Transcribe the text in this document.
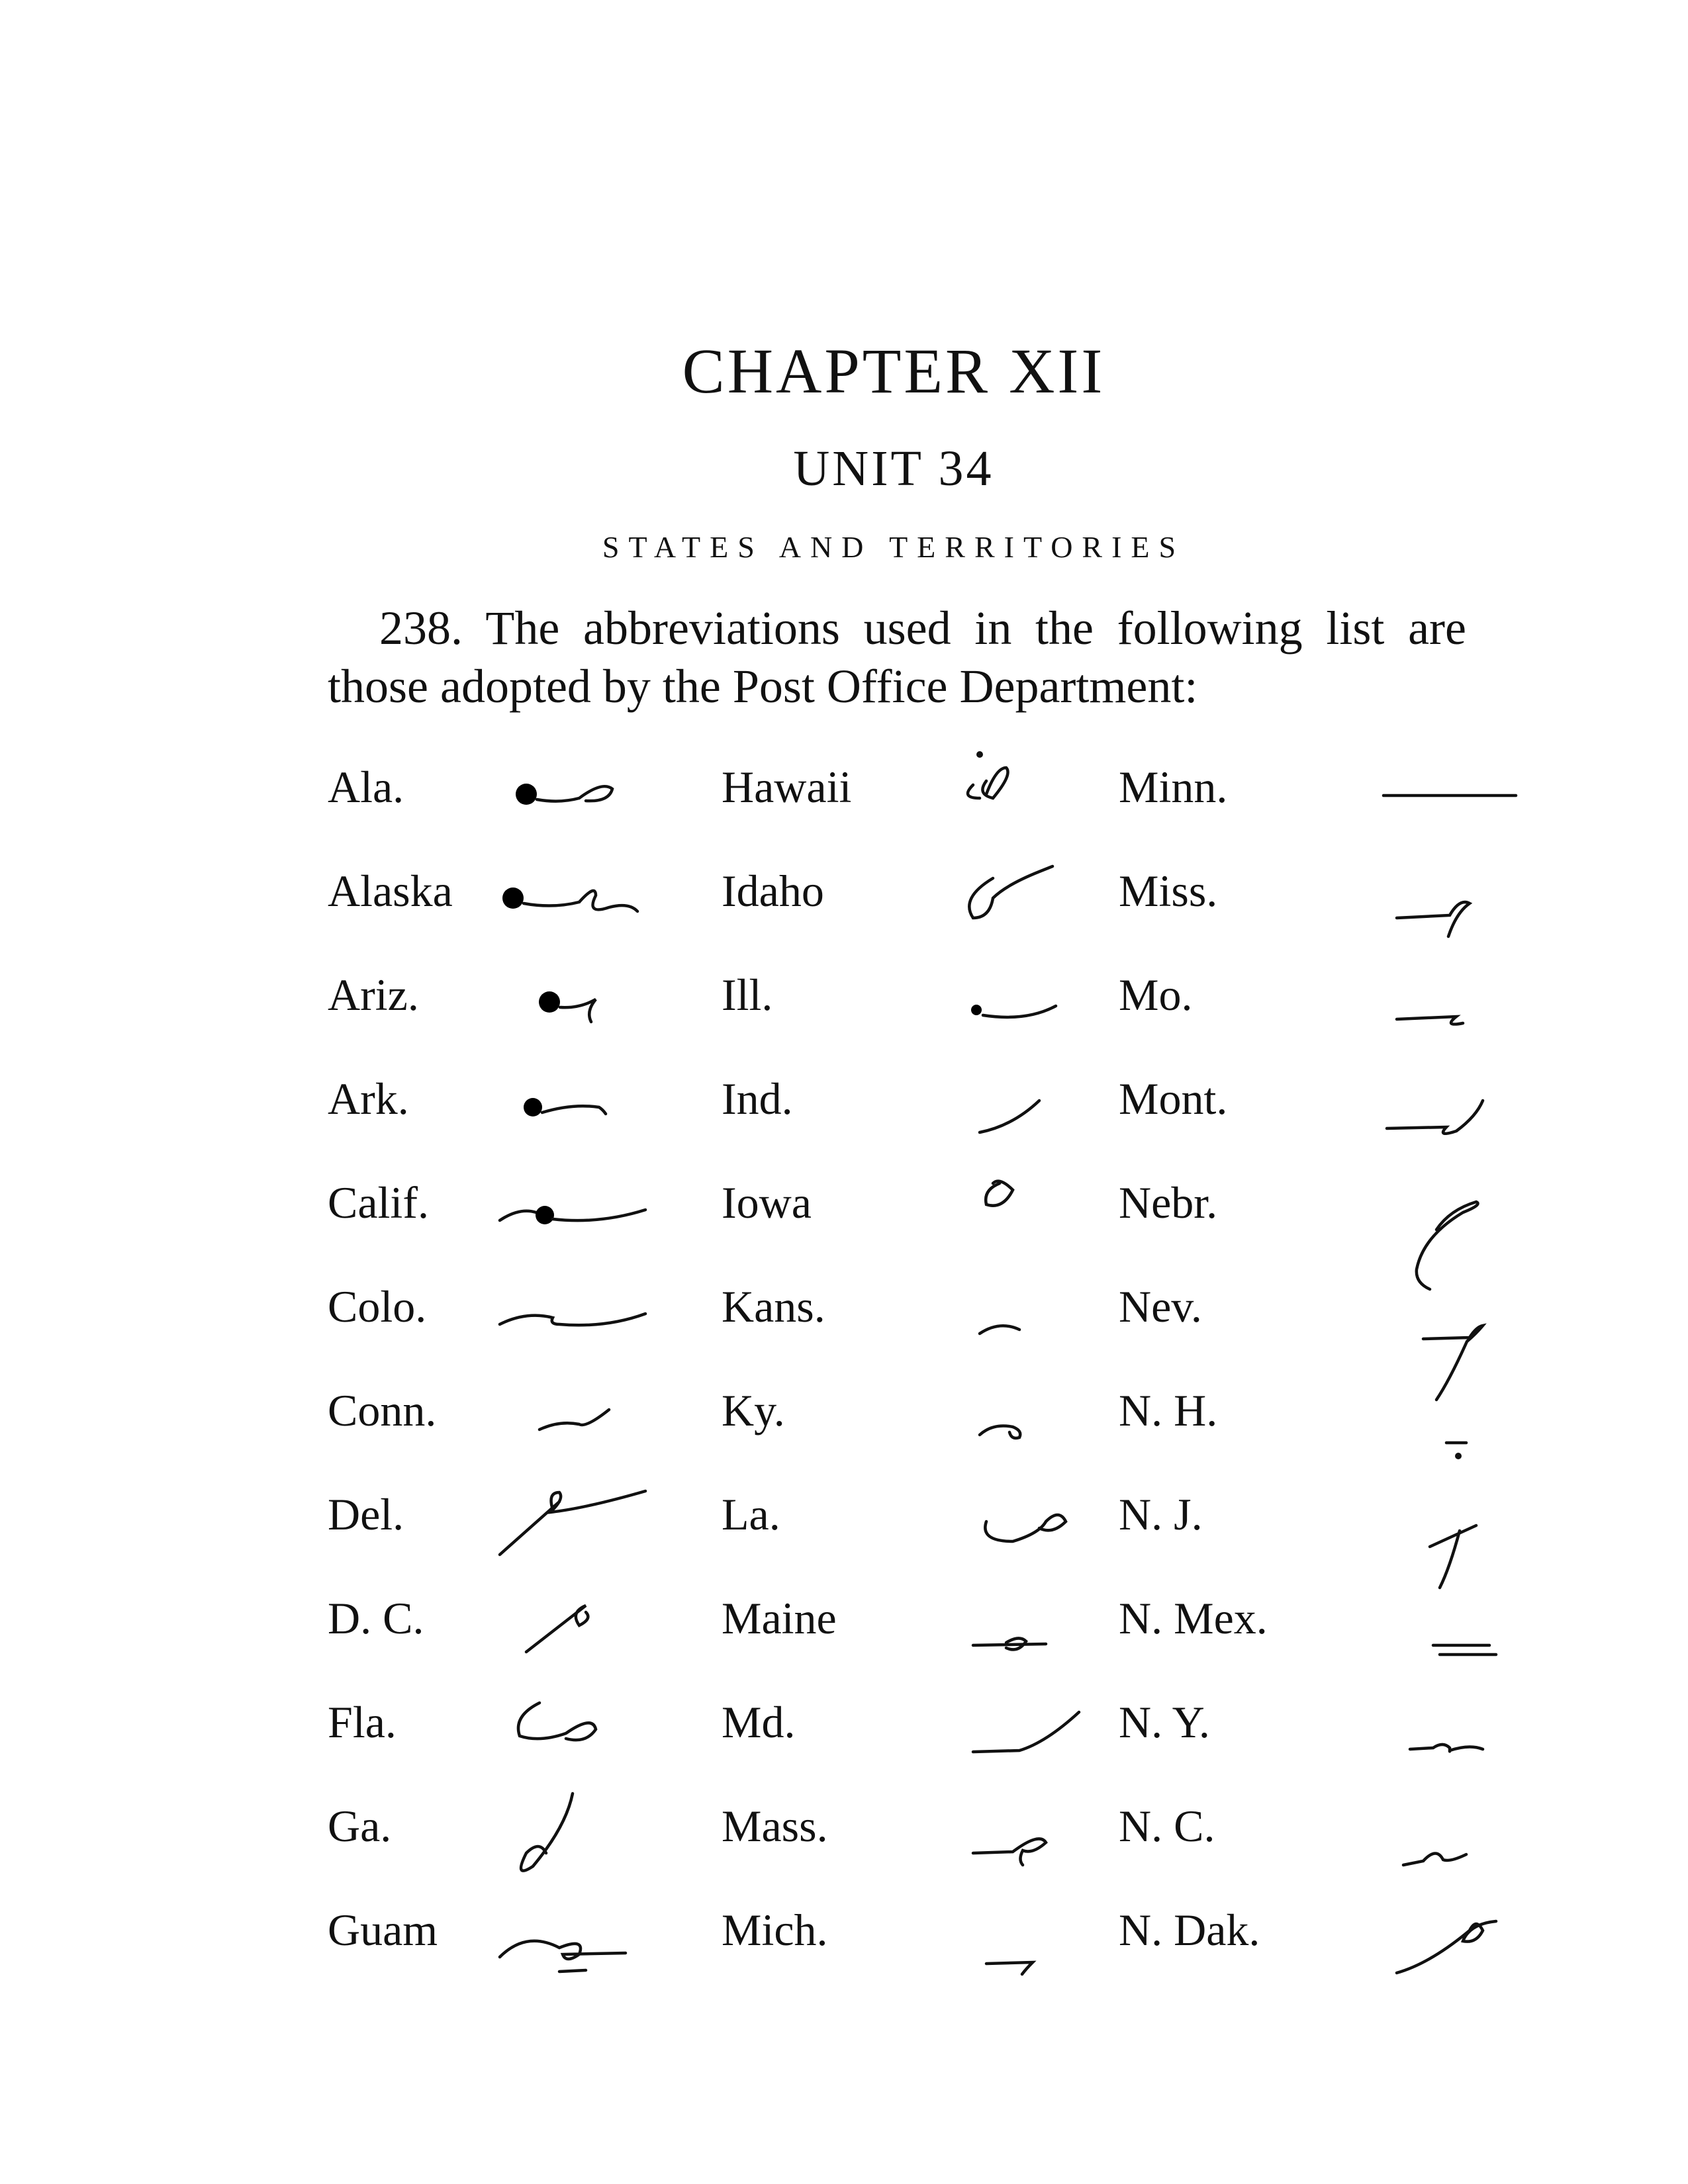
CHAPTER XII
UNIT 34
STATES AND TERRITORIES
238. The abbreviations used in the following list are those adopted by the Post Office Department:
Ala.
Alaska
Ariz.
Ark.
Calif.
Colo.
Conn.
Del.
D. C.
Fla.
Ga.
Guam
Hawaii
Idaho
Ill.
Ind.
Iowa
Kans.
Ky.
La.
Maine
Md.
Mass.
Mich.
Minn.
Miss.
Mo.
Mont.
Nebr.
Nev.
N. H.
N. J.
N. Mex.
N. Y.
N. C.
N. Dak.
